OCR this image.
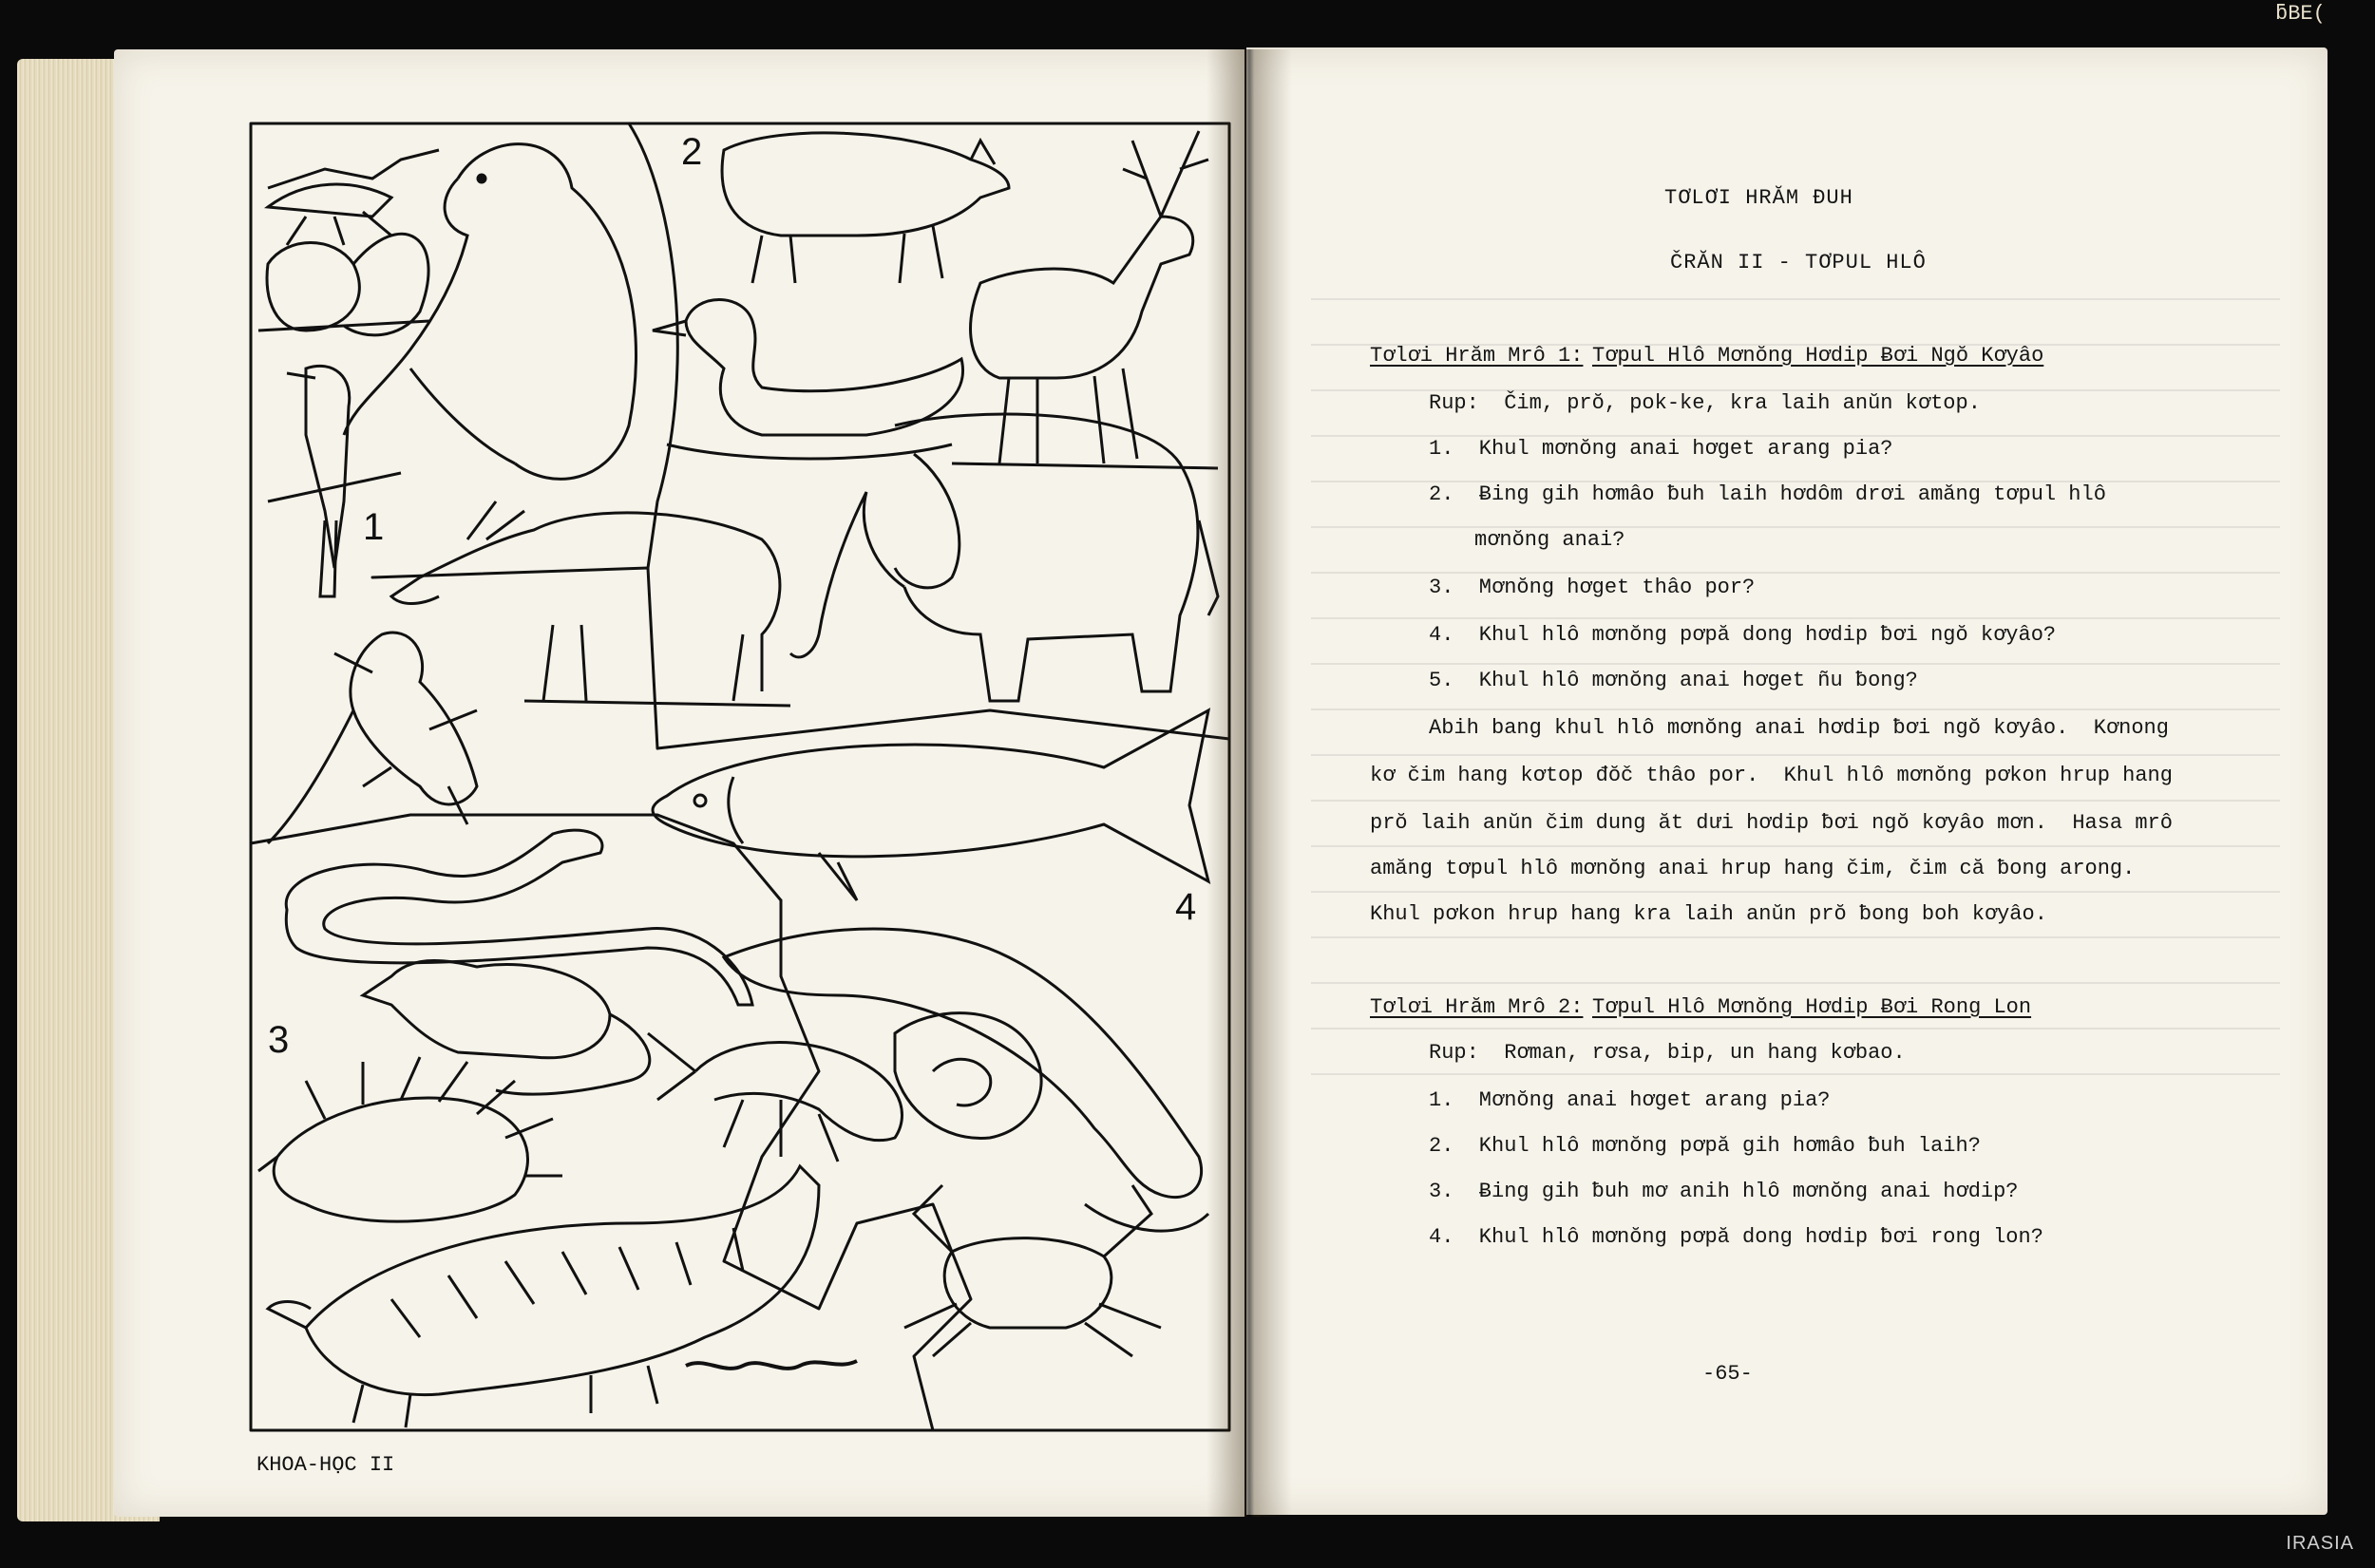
1
2
3
4
KHOA-HỌC II
TƠLƠI HRĂM ĐUH
ČRĂN II - TƠPUL HLÔ
Tơlơi Hrăm Mrô 1: Tơpul Hlô Mơnŏng Hơdip Ƀơi Ngŏ Kơyâo
Rup:  Čim, prŏ, pok-ke, kra laih anŭn kơtop.
1.  Khul mơnŏng anai hơget arang pia?
2.  Ƀing gih hơmâo ƀuh laih hơdôm drơi amăng tơpul hlô
mơnŏng anai?
3.  Mơnŏng hơget thâo por?
4.  Khul hlô mơnŏng pơpă dong hơdip ƀơi ngŏ kơyâo?
5.  Khul hlô mơnŏng anai hơget ñu ƀong?
Abih bang khul hlô mơnŏng anai hơdip ƀơi ngŏ kơyâo.  Kơnong
kơ čim hang kơtop đŏč thâo por.  Khul hlô mơnŏng pơkon hrup hang
prŏ laih anŭn čim dung ăt dưi hơdip ƀơi ngŏ kơyâo mơn.  Hasa mrô
amăng tơpul hlô mơnŏng anai hrup hang čim, čim că ƀong arong.
Khul pơkon hrup hang kra laih anŭn prŏ ƀong boh kơyâo.
Tơlơi Hrăm Mrô 2: Tơpul Hlô Mơnŏng Hơdip Ƀơi Rong Lon
Rup:  Rơman, rơsa, bip, un hang kơbao.
1.  Mơnŏng anai hơget arang pia?
2.  Khul hlô mơnŏng pơpă gih hơmâo ƀuh laih?
3.  Ƀing gih ƀuh mơ anih hlô mơnŏng anai hơdip?
4.  Khul hlô mơnŏng pơpă dong hơdip ƀơi rong lon?
-65-
ƃBE(
IRASIA
